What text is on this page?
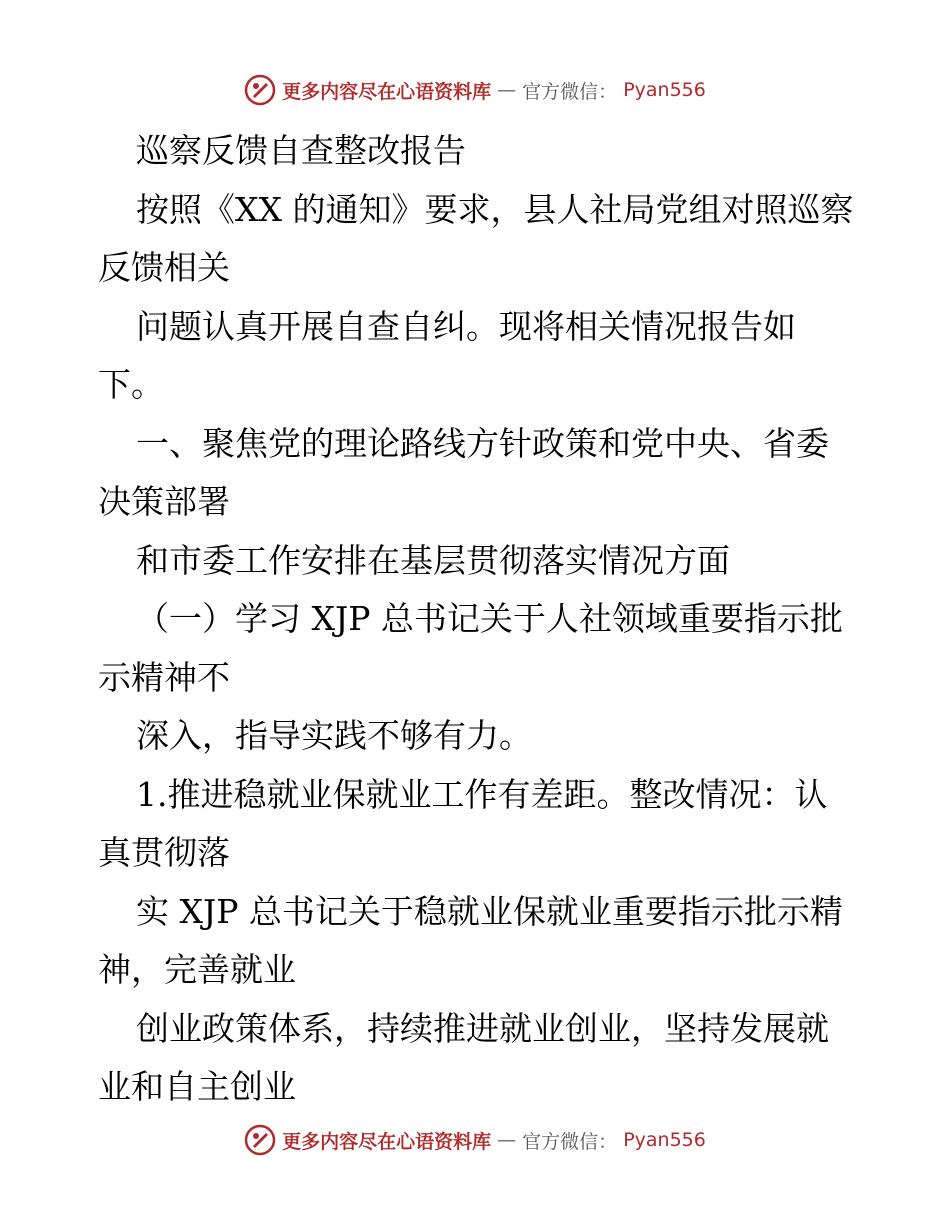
更多内容尽在心语资料库 — 官方微信： Pyan556

巡察反馈自查整改报告

按照《XX 的通知》要求，县人社局党组对照巡察反馈相关

问题认真开展自查自纠。现将相关情况报告如下。

一、聚焦党的理论路线方针政策和党中央、省委决策部署

和市委工作安排在基层贯彻落实情况方面

（一）学习 XJP 总书记关于人社领域重要指示批示精神不

深入，指导实践不够有力。

1.推进稳就业保就业工作有差距。整改情况：认真贯彻落

实 XJP 总书记关于稳就业保就业重要指示批示精神，完善就业

创业政策体系，持续推进就业创业，坚持发展就业和自主创业

更多内容尽在心语资料库 — 官方微信： Pyan556
